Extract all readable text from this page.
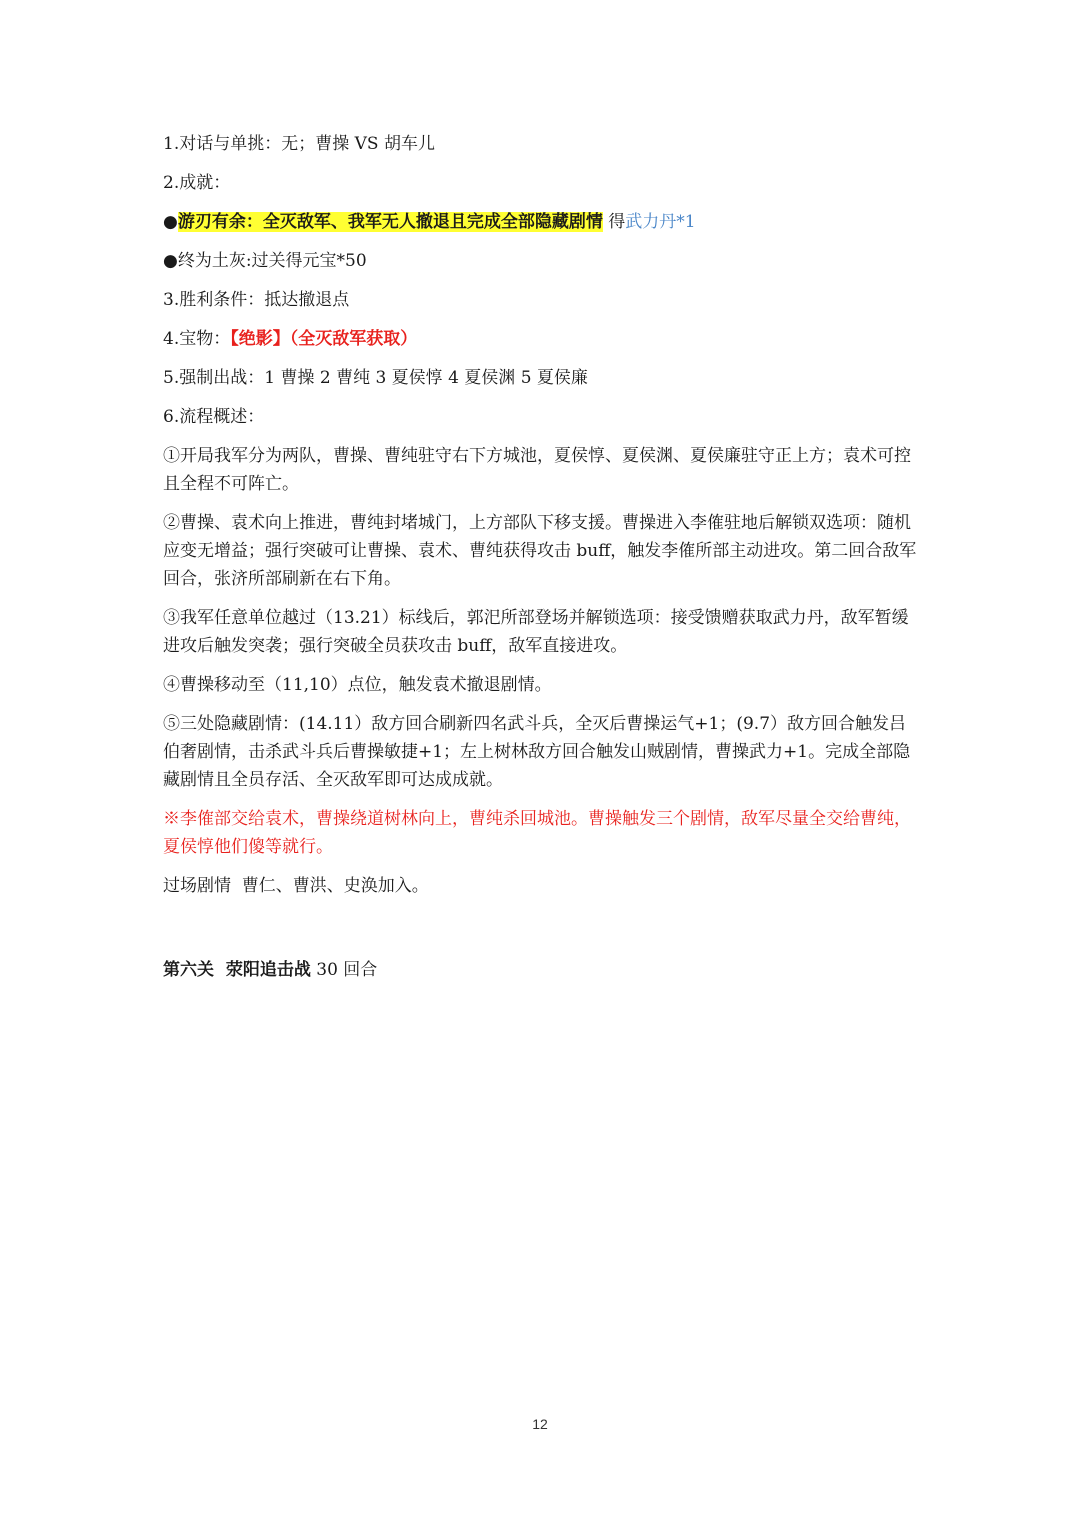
1.对话与单挑：无；曹操 VS 胡车儿

2.成就：

●游刃有余：全灭敌军、我军无人撤退且完成全部隐藏剧情 得武力丹*1

●终为土灰:过关得元宝*50

3.胜利条件：抵达撤退点

4.宝物：【绝影】（全灭敌军获取）

5.强制出战：1 曹操 2 曹纯 3 夏侯惇 4 夏侯渊 5 夏侯廉

6.流程概述：

①开局我军分为两队，曹操、曹纯驻守右下方城池，夏侯惇、夏侯渊、夏侯廉驻守正上方；袁术可控且全程不可阵亡。

②曹操、袁术向上推进，曹纯封堵城门，上方部队下移支援。曹操进入李傕驻地后解锁双选项：随机应变无增益；强行突破可让曹操、袁术、曹纯获得攻击 buff，触发李傕所部主动进攻。第二回合敌军回合，张济所部刷新在右下角。

③我军任意单位越过（13.21）标线后，郭汜所部登场并解锁选项：接受馈赠获取武力丹，敌军暂缓进攻后触发突袭；强行突破全员获攻击 buff，敌军直接进攻。

④曹操移动至（11,10）点位，触发袁术撤退剧情。

⑤三处隐藏剧情：(14.11）敌方回合刷新四名武斗兵，全灭后曹操运气+1；(9.7）敌方回合触发吕伯奢剧情，击杀武斗兵后曹操敏捷+1；左上树林敌方回合触发山贼剧情，曹操武力+1。完成全部隐藏剧情且全员存活、全灭敌军即可达成成就。

※李傕部交给袁术，曹操绕道树林向上，曹纯杀回城池。曹操触发三个剧情，敌军尽量全交给曹纯，夏侯惇他们傻等就行。

过场剧情  曹仁、曹洪、史涣加入。

第六关  荥阳追击战 30 回合
12
